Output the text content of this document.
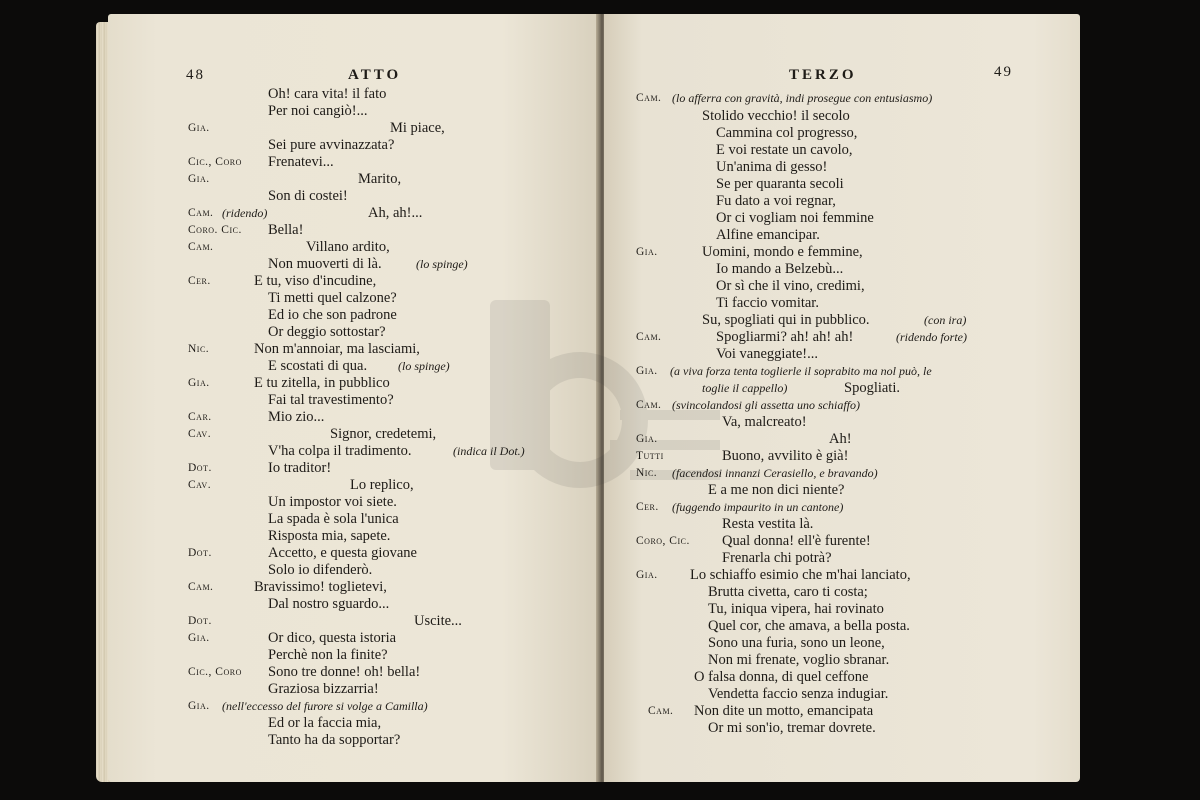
48	ATTO
Oh! cara vita! il fato
Per noi cangiò!...
Gia.	Mi piace,
Sei pure avvinazzata?
Cic., Coro Frenatevi...
Gia.	Marito,
Son di costei!
Cam. (ridendo)	Ah, ah!...
Coro. Cic. Bella!
Cam.	Villano ardito,
Non muoverti di là.	(lo spinge)
Cer.	E tu, viso d'incudine,
Ti metti quel calzone?
Ed io che son padrone
Or deggio sottostar?
Nic.	Non m'annoiar, ma lasciami,
E scostati di qua.	(lo spinge)
Gia.	E tu zitella, in pubblico
Fai tal travestimento?
Car.	Mio zio...
Cav.	Signor, credetemi,
V'ha colpa il tradimento.	(indica il Dot.)
Dot.	Io traditor!
Cav.	Lo replico,
Un impostor voi siete.
La spada è sola l'unica
Risposta mia, sapete.
Dot.	Accetto, e questa giovane
Solo io difenderò.
Cam.	Bravissimo! toglietevi,
Dal nostro sguardo...
Dot.	Uscite...
Gia.	Or dico, questa istoria
Perchè non la finite?
Cic., Coro Sono tre donne! oh! bella!
Graziosa bizzarria!
Gia. (nell'eccesso del furore si volge a Camilla)
Ed or la faccia mia,
Tanto ha da sopportar?
TERZO	49
Cam. (lo afferra con gravità, indi prosegue con entusiasmo)
Stolido vecchio! il secolo
Cammina col progresso,
E voi restate un cavolo,
Un'anima di gesso!
Se per quaranta secoli
Fu dato a voi regnar,
Or ci vogliam noi femmine
Alfine emancipar.
Gia.	Uomini, mondo e femmine,
Io mando a Belzebù...
Or sì che il vino, credimi,
Ti faccio vomitar.
Su, spogliati qui in pubblico.	(con ira)
Cam.	Spogliarmi? ah! ah! ah!	(ridendo forte)
Voi vaneggiate!...
Gia. (a viva forza tenta toglierle il soprabito ma nol può, le
toglie il cappello)	Spogliati.
Cam. (svincolandosi gli assetta uno schiaffo)
Va, malcreato!
Gia.	Ah!
Tutti	Buono, avvilito è già!
Nic. (facendosi innanzi Cerasiello, e bravando)
E a me non dici niente?
Cer. (fuggendo impaurito in un cantone)
Resta vestita là.
Coro, Cic. Qual donna! ell'è furente!
Frenarla chi potrà?
Gia. Lo schiaffo esimio che m'hai lanciato,
Brutta civetta, caro ti costa;
Tu, iniqua vipera, hai rovinato
Quel cor, che amava, a bella posta.
Sono una furia, sono un leone,
Non mi frenate, voglio sbranar.
O falsa donna, di quel ceffone
Vendetta faccio senza indugiar.
Cam. Non dite un motto, emancipata
Or mi son'io, tremar dovrete.
